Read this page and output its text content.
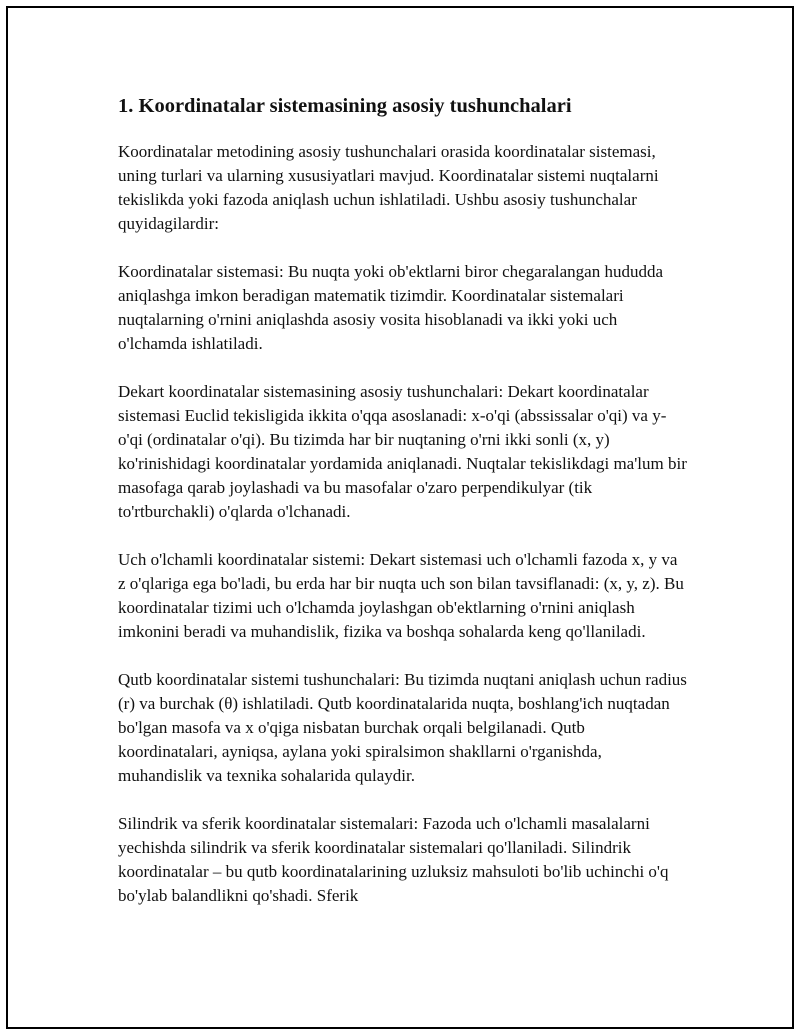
1. Koordinatalar sistemasining asosiy tushunchalari

Koordinatalar metodining asosiy tushunchalari orasida koordinatalar sistemasi, uning turlari va ularning xususiyatlari mavjud. Koordinatalar sistemi nuqtalarni tekislikda yoki fazoda aniqlash uchun ishlatiladi. Ushbu asosiy tushunchalar quyidagilardir:

Koordinatalar sistemasi: Bu nuqta yoki ob'ektlarni biror chegaralangan hududda aniqlashga imkon beradigan matematik tizimdir. Koordinatalar sistemalari nuqtalarning o'rnini aniqlashda asosiy vosita hisoblanadi va ikki yoki uch o'lchamda ishlatiladi.

Dekart koordinatalar sistemasining asosiy tushunchalari: Dekart koordinatalar sistemasi Euclid tekisligida ikkita o'qqa asoslanadi: x-o'qi (abssissalar o'qi) va y-o'qi (ordinatalar o'qi). Bu tizimda har bir nuqtaning o'rni ikki sonli (x, y) ko'rinishidagi koordinatalar yordamida aniqlanadi. Nuqtalar tekislikdagi ma'lum bir masofaga qarab joylashadi va bu masofalar o'zaro perpendikulyar (tik to'rtburchakli) o'qlarda o'lchanadi.

Uch o'lchamli koordinatalar sistemi: Dekart sistemasi uch o'lchamli fazoda x, y va z o'qlariga ega bo'ladi, bu erda har bir nuqta uch son bilan tavsiflanadi: (x, y, z). Bu koordinatalar tizimi uch o'lchamda joylashgan ob'ektlarning o'rnini aniqlash imkonini beradi va muhandislik, fizika va boshqa sohalarda keng qo'llaniladi.

Qutb koordinatalar sistemi tushunchalari: Bu tizimda nuqtani aniqlash uchun radius (r) va burchak (θ) ishlatiladi. Qutb koordinatalarida nuqta, boshlang'ich nuqtadan bo'lgan masofa va x o'qiga nisbatan burchak orqali belgilanadi. Qutb koordinatalari, ayniqsa, aylana yoki spiralsimon shakllarni o'rganishda, muhandislik va texnika sohalarida qulaydir.

Silindrik va sferik koordinatalar sistemalari: Fazoda uch o'lchamli masalalarni yechishda silindrik va sferik koordinatalar sistemalari qo'llaniladi. Silindrik koordinatalar – bu qutb koordinatalarining uzluksiz mahsuloti bo'lib uchinchi o'q bo'ylab balandlikni qo'shadi. Sferik
